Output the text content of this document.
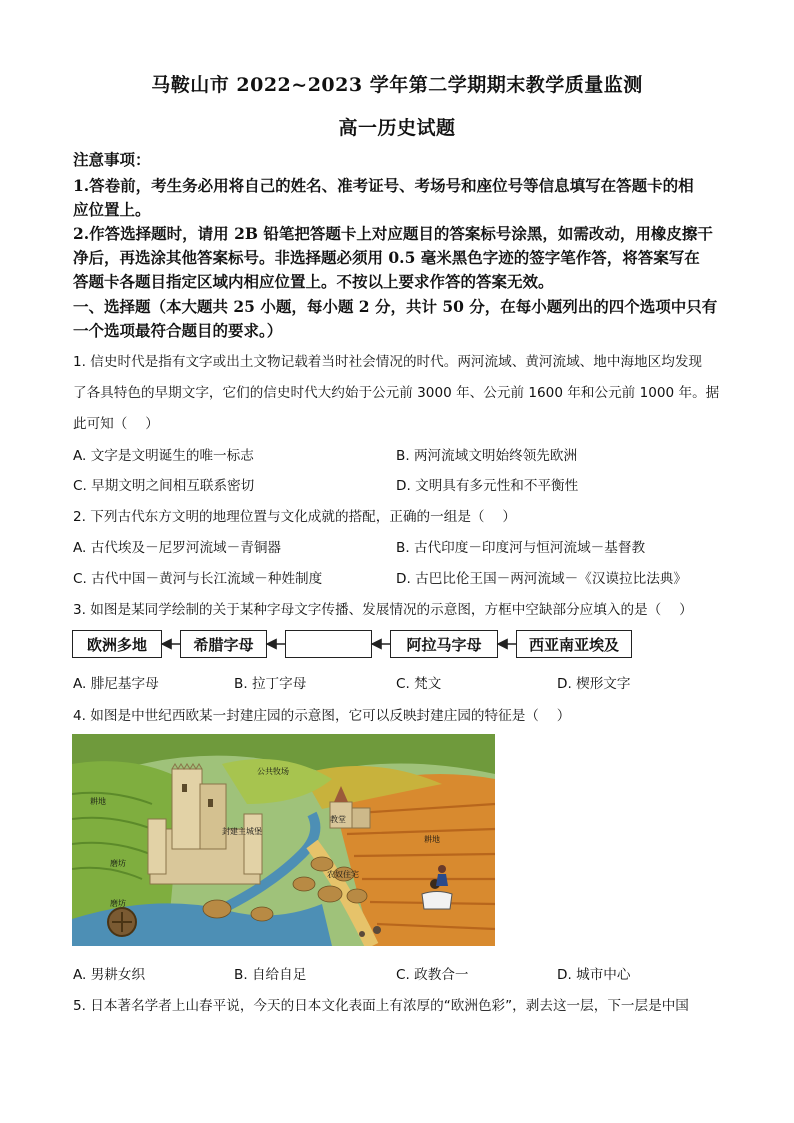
马鞍山市 2022~2023 学年第二学期期末教学质量监测
高一历史试题
注意事项：
1.答卷前，考生务必用将自己的姓名、准考证号、考场号和座位号等信息填写在答题卡的相
应位置上。
2.作答选择题时，请用 2B 铅笔把答题卡上对应题目的答案标号涂黑，如需改动，用橡皮擦干
净后，再选涂其他答案标号。非选择题必须用 0.5 毫米黑色字迹的签字笔作答，将答案写在
答题卡各题目指定区域内相应位置上。不按以上要求作答的答案无效。
一、选择题（本大题共 25 小题，每小题 2 分，共计 50 分，在每小题列出的四个选项中只有
一个选项最符合题目的要求。）
1. 信史时代是指有文字或出土文物记载着当时社会情况的时代。两河流域、黄河流域、地中海地区均发现
了各具特色的早期文字，它们的信史时代大约始于公元前 3000 年、公元前 1600 年和公元前 1000 年。据
此可知（　 ）
A. 文字是文明诞生的唯一标志	B. 两河流域文明始终领先欧洲
C. 早期文明之间相互联系密切	D. 文明具有多元性和不平衡性
2. 下列古代东方文明的地理位置与文化成就的搭配，正确的一组是（　 ）
A. 古代埃及－尼罗河流域－青铜器	B. 古代印度－印度河与恒河流域－基督教
C. 古代中国－黄河与长江流域－种姓制度	D. 古巴比伦王国－两河流域－《汉谟拉比法典》
3. 如图是某同学绘制的关于某种字母文字传播、发展情况的示意图，方框中空缺部分应填入的是（　 ）
欧洲多地	希腊字母	阿拉马字母	西亚南亚埃及
A. 腓尼基字母	B. 拉丁字母	C. 梵文	D. 楔形文字
4. 如图是中世纪西欧某一封建庄园的示意图，它可以反映封建庄园的特征是（　 ）
公共牧场
耕地
封建主城堡
教堂
耕地
磨坊
磨坊
农奴住宅
A. 男耕女织	B. 自给自足	C. 政教合一	D. 城市中心
5. 日本著名学者上山春平说，今天的日本文化表面上有浓厚的“欧洲色彩”，剥去这一层，下一层是中国
